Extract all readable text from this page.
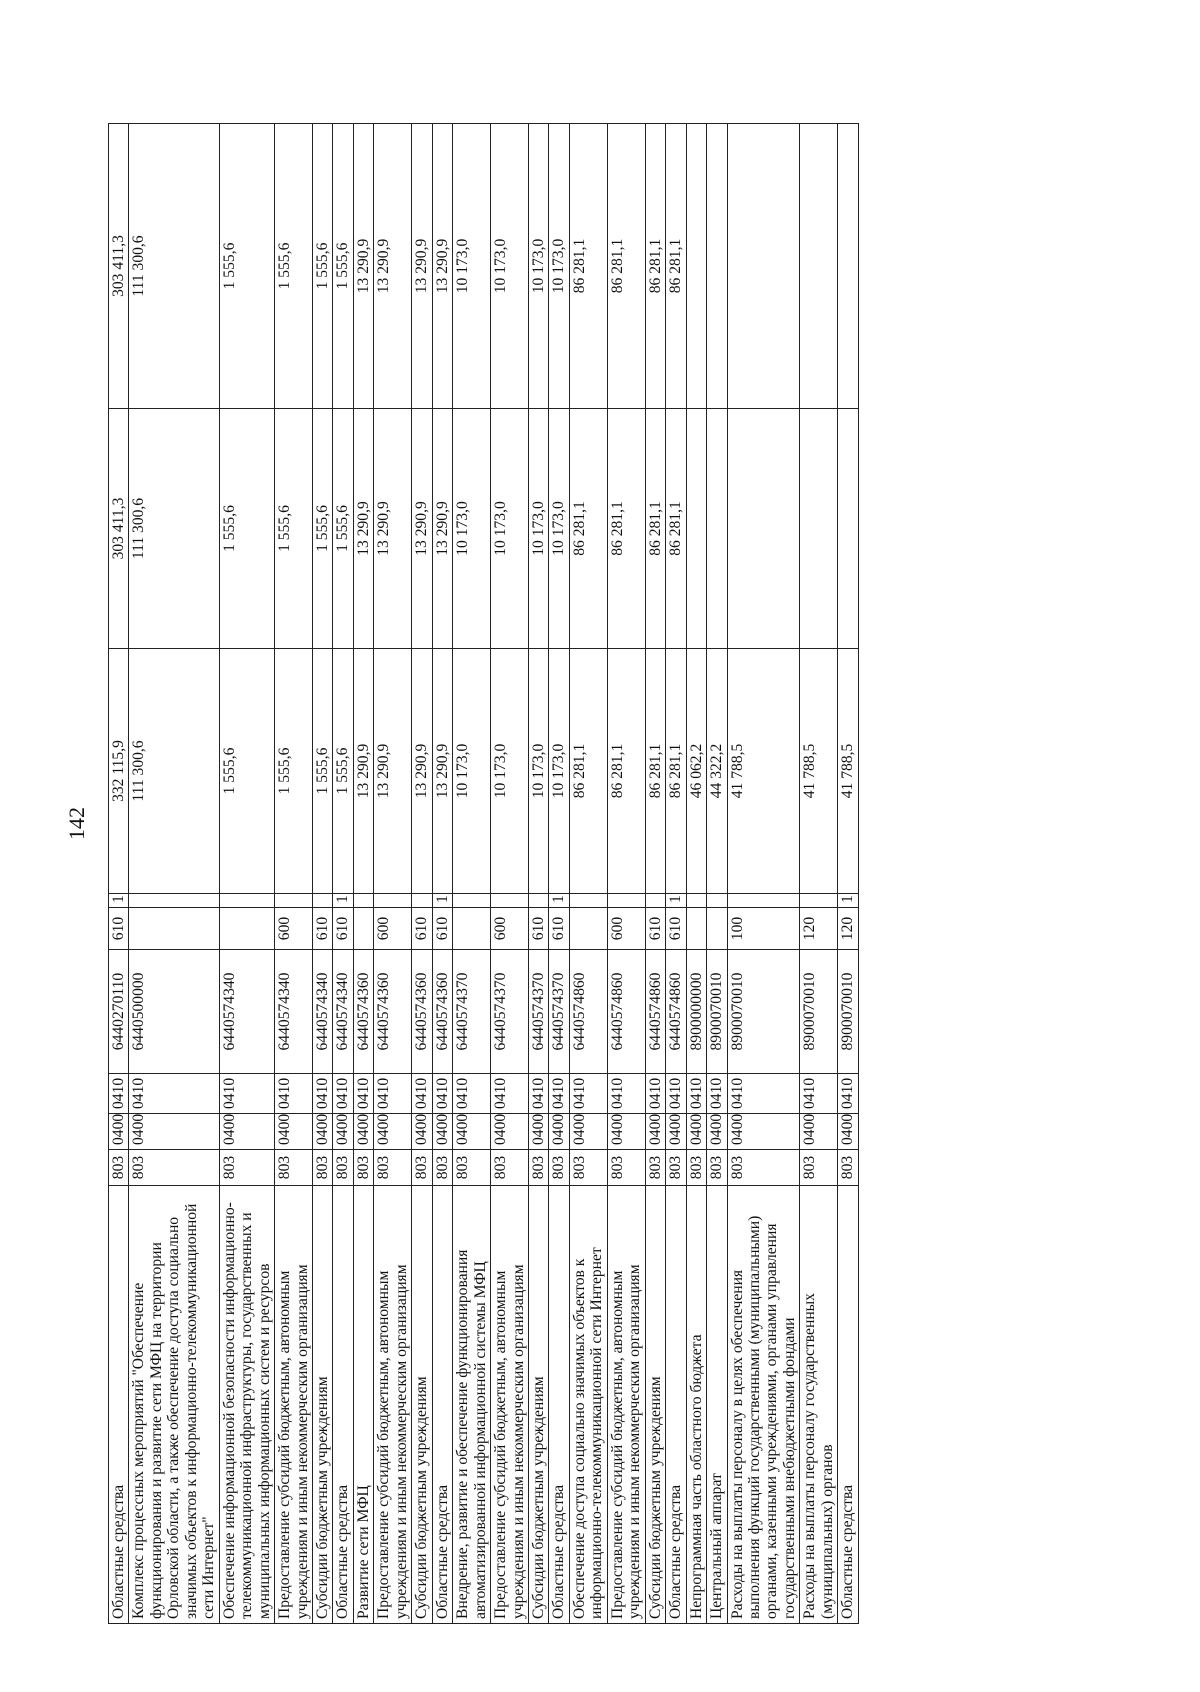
142
Областные средства	803	0400	0410	6440270110	610	1	332 115,9	303 411,3	303 411,3
Комплекс процессных мероприятий "Обеспечение функционирования и развитие сети МФЦ на территории Орловской области, а также обеспечение доступа социально значимых объектов к информационно-телекоммуникационной сети Интернет"	803	0400	0410	6440500000			111 300,6	111 300,6	111 300,6
Обеспечение информационной безопасности информационно-телекоммуникационной инфраструктуры, государственных и муниципальных информационных систем и ресурсов	803	0400	0410	6440574340			1 555,6	1 555,6	1 555,6
Предоставление субсидий бюджетным, автономным учреждениям и иным некоммерческим организациям	803	0400	0410	6440574340	600		1 555,6	1 555,6	1 555,6
Субсидии бюджетным учреждениям	803	0400	0410	6440574340	610		1 555,6	1 555,6	1 555,6
Областные средства	803	0400	0410	6440574340	610	1	1 555,6	1 555,6	1 555,6
Развитие сети МФЦ	803	0400	0410	6440574360			13 290,9	13 290,9	13 290,9
Предоставление субсидий бюджетным, автономным учреждениям и иным некоммерческим организациям	803	0400	0410	6440574360	600		13 290,9	13 290,9	13 290,9
Субсидии бюджетным учреждениям	803	0400	0410	6440574360	610		13 290,9	13 290,9	13 290,9
Областные средства	803	0400	0410	6440574360	610	1	13 290,9	13 290,9	13 290,9
Внедрение, развитие и обеспечение функционирования автоматизированной информационной системы МФЦ	803	0400	0410	6440574370			10 173,0	10 173,0	10 173,0
Предоставление субсидий бюджетным, автономным учреждениям и иным некоммерческим организациям	803	0400	0410	6440574370	600		10 173,0	10 173,0	10 173,0
Субсидии бюджетным учреждениям	803	0400	0410	6440574370	610		10 173,0	10 173,0	10 173,0
Областные средства	803	0400	0410	6440574370	610	1	10 173,0	10 173,0	10 173,0
Обеспечение доступа социально значимых объектов к информационно-телекоммуникационной сети Интернет	803	0400	0410	6440574860			86 281,1	86 281,1	86 281,1
Предоставление субсидий бюджетным, автономным учреждениям и иным некоммерческим организациям	803	0400	0410	6440574860	600		86 281,1	86 281,1	86 281,1
Субсидии бюджетным учреждениям	803	0400	0410	6440574860	610		86 281,1	86 281,1	86 281,1
Областные средства	803	0400	0410	6440574860	610	1	86 281,1	86 281,1	86 281,1
Непрограммная часть областного бюджета	803	0400	0410	8900000000			46 062,2		
Центральный аппарат	803	0400	0410	8900070010			44 322,2		
Расходы на выплаты персоналу в целях обеспечения выполнения функций государственными (муниципальными) органами, казенными учреждениями, органами управления государственными внебюджетными фондами	803	0400	0410	8900070010	100		41 788,5		
Расходы на выплаты персоналу государственных (муниципальных) органов	803	0400	0410	8900070010	120		41 788,5		
Областные средства	803	0400	0410	8900070010	120	1	41 788,5		
